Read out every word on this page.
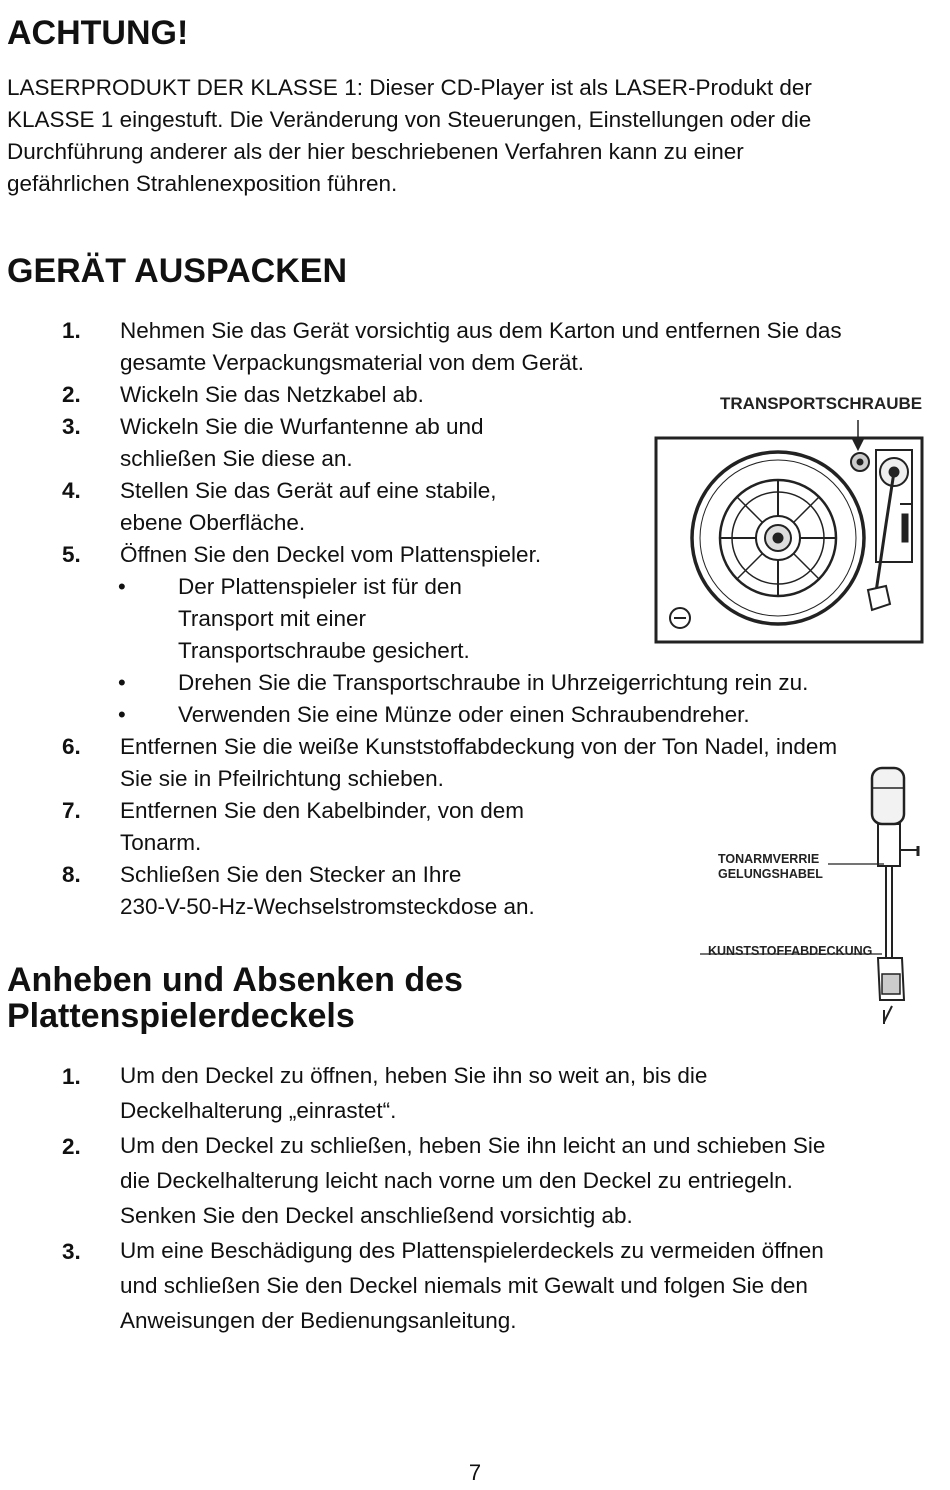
ACHTUNG!
LASERPRODUKT DER KLASSE 1: Dieser CD-Player ist als LASER-Produkt der
KLASSE 1 eingestuft. Die Veränderung von Steuerungen, Einstellungen oder die
Durchführung anderer als der hier beschriebenen Verfahren kann zu einer
gefährlichen Strahlenexposition führen.
GERÄT AUSPACKEN
1.	Nehmen Sie das Gerät vorsichtig aus dem Karton und entfernen Sie das
gesamte Verpackungsmaterial von dem Gerät.
2.	Wickeln Sie das Netzkabel ab.
3.	Wickeln Sie die Wurfantenne ab und
schließen Sie diese an.
4.	Stellen Sie das Gerät auf eine stabile,
ebene Oberfläche.
5.	Öffnen Sie den Deckel vom Plattenspieler.
• Der Plattenspieler ist für den
Transport mit einer
Transportschraube gesichert.
• Drehen Sie die Transportschraube in Uhrzeigerrichtung rein zu.
• Verwenden Sie eine Münze oder einen Schraubendreher.
6.	Entfernen Sie die weiße Kunststoffabdeckung von der Ton Nadel, indem
Sie sie in Pfeilrichtung schieben.
7.	Entfernen Sie den Kabelbinder, von dem
Tonarm.
8.	Schließen Sie den Stecker an Ihre
230-V-50-Hz-Wechselstromsteckdose an.
TRANSPORTSCHRAUBE
TONARMVERRIE
GELUNGSHABEL
KUNSTSTOFFABDECKUNG
Anheben und Absenken des
Plattenspielerdeckels
1.	Um den Deckel zu öffnen, heben Sie ihn so weit an, bis die
Deckelhalterung „einrastet“.
2.	Um den Deckel zu schließen, heben Sie ihn leicht an und schieben Sie
die Deckelhalterung leicht nach vorne um den Deckel zu entriegeln.
Senken Sie den Deckel anschließend vorsichtig ab.
3.	Um eine Beschädigung des Plattenspielerdeckels zu vermeiden öffnen
und schließen Sie den Deckel niemals mit Gewalt und folgen Sie den
Anweisungen der Bedienungsanleitung.
7
